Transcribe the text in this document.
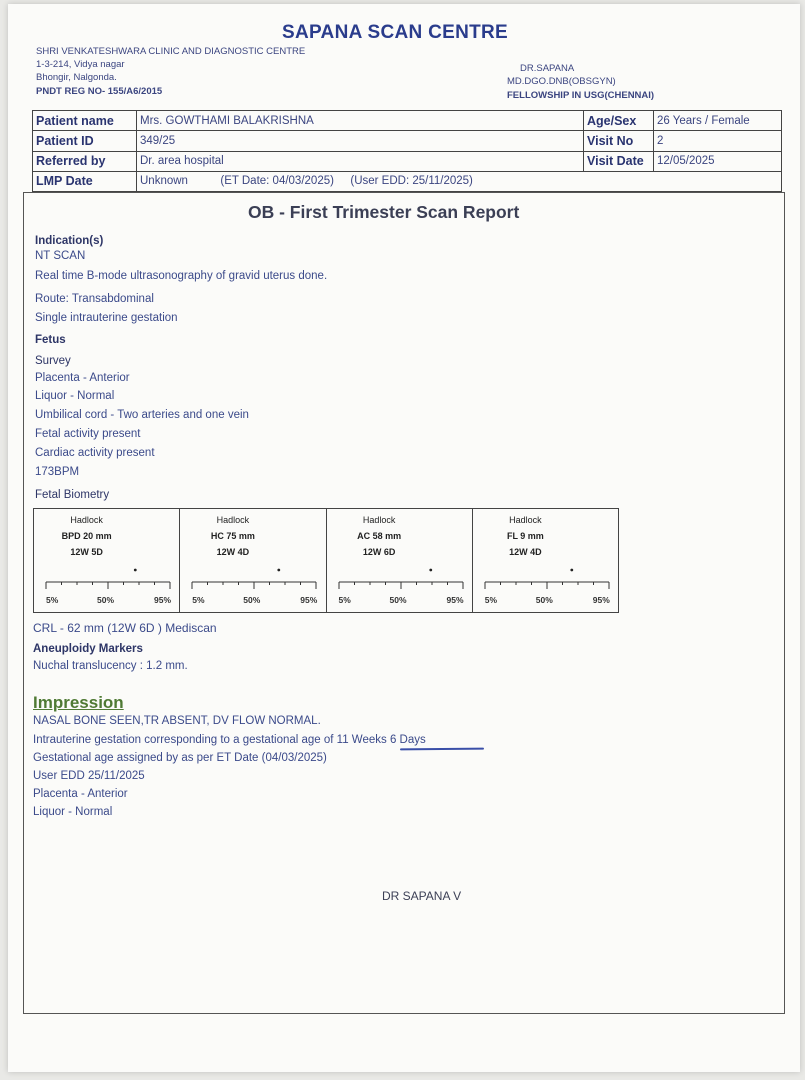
SAPANA SCAN CENTRE
SHRI VENKATESHWARA CLINIC AND DIAGNOSTIC CENTRE
1-3-214, Vidya nagar
Bhongir, Nalgonda.
PNDT REG NO- 155/A6/2015
DR.SAPANA
MD.DGO.DNB(OBSGYN)
FELLOWSHIP IN USG(CHENNAI)
Patient name	Mrs. GOWTHAMI BALAKRISHNA	Age/Sex	26 Years / Female
Patient ID	349/25	Visit No	2
Referred by	Dr. area hospital	Visit Date	12/05/2025
LMP Date	Unknown (ET Date: 04/03/2025) (User EDD: 25/11/2025)		
OB - First Trimester Scan Report
Indication(s)
NT SCAN
Real time B-mode ultrasonography of gravid uterus done.
Route: Transabdominal
Single intrauterine gestation
Fetus
Survey
Placenta - Anterior
Liquor - Normal
Umbilical cord - Two arteries and one vein
Fetal activity present
Cardiac activity present
173BPM
Fetal Biometry
Hadlock
BPD 20 mm
12W 5D
5%	50%	95%
Hadlock
HC 75 mm
12W 4D
5%	50%	95%
Hadlock
AC 58 mm
12W 6D
5%	50%	95%
Hadlock
FL 9 mm
12W 4D
5%	50%	95%
CRL - 62 mm (12W 6D ) Mediscan
Aneuploidy Markers
Nuchal translucency : 1.2 mm.
Impression
NASAL BONE SEEN,TR ABSENT, DV FLOW NORMAL.
Intrauterine gestation corresponding to a gestational age of 11 Weeks 6 Days
Gestational age assigned by as per ET Date (04/03/2025)
User EDD 25/11/2025
Placenta - Anterior
Liquor - Normal
DR SAPANA V
